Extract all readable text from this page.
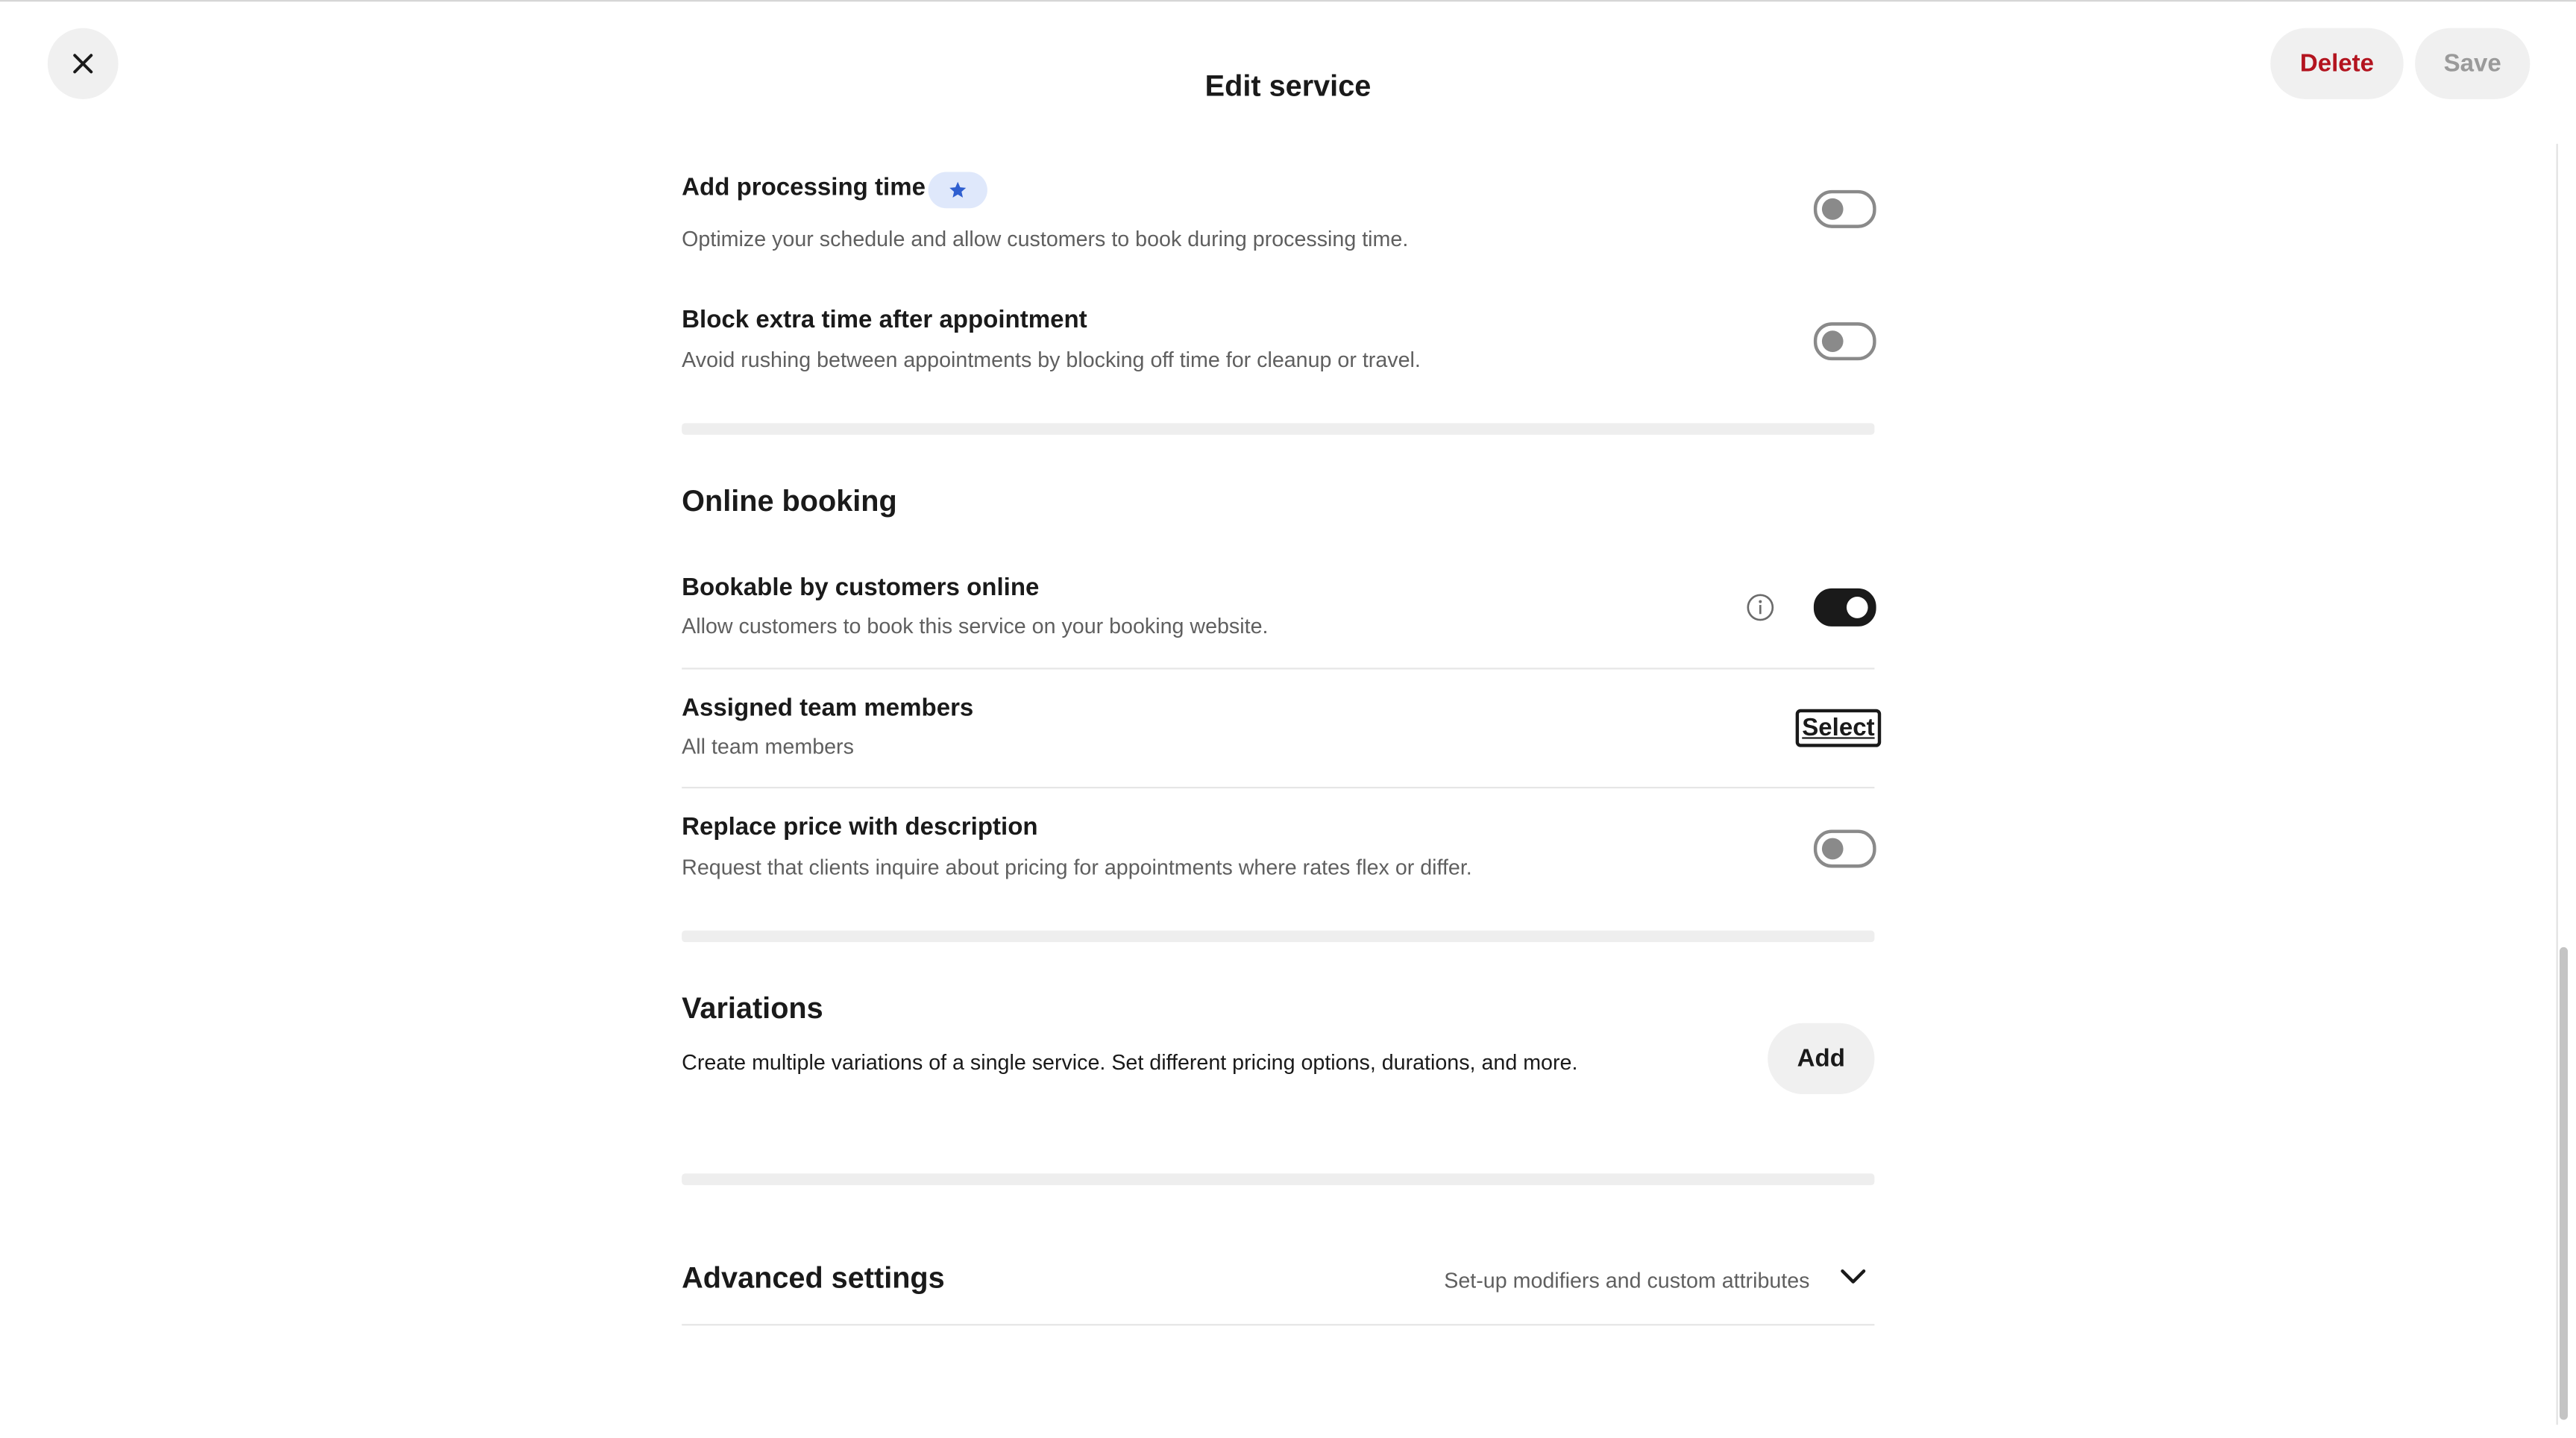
Edit service
Delete	Save
Add processing time
Optimize your schedule and allow customers to book during processing time.
Block extra time after appointment
Avoid rushing between appointments by blocking off time for cleanup or travel.
Online booking
Bookable by customers online
Allow customers to book this service on your booking website.
Assigned team members
All team members
Select
Replace price with description
Request that clients inquire about pricing for appointments where rates flex or differ.
Variations
Create multiple variations of a single service. Set different pricing options, durations, and more.	Add
Advanced settings	Set-up modifiers and custom attributes
